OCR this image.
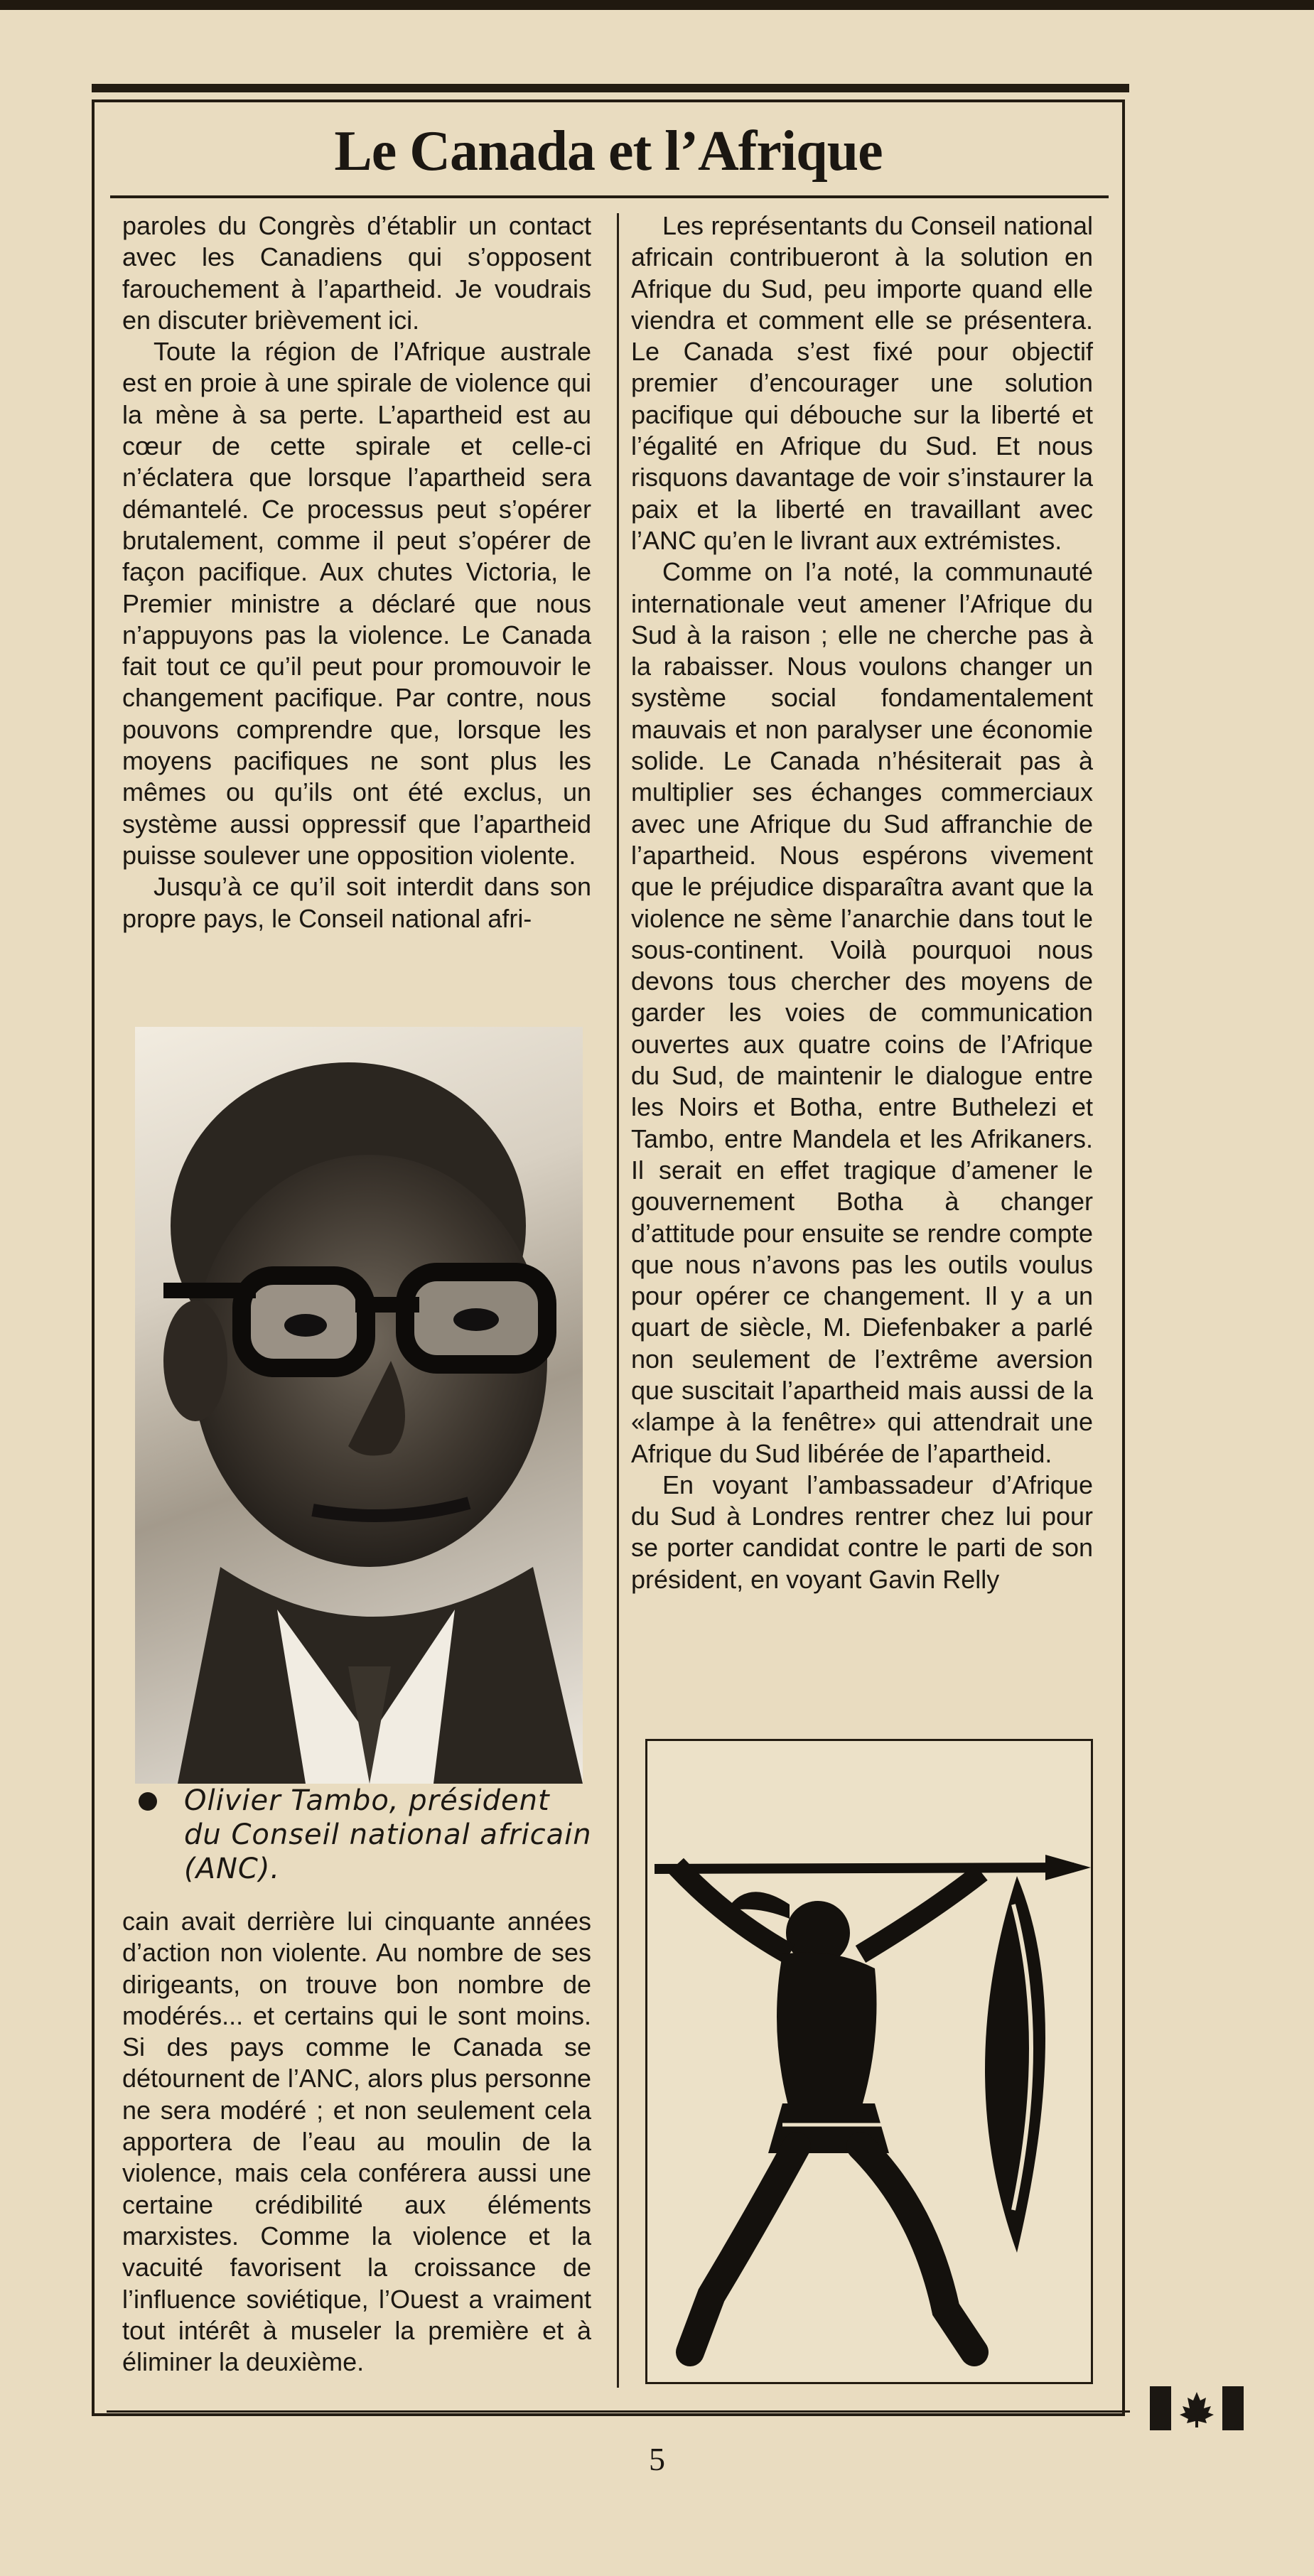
Le Canada et l’Afrique

paroles du Congrès d’établir un contact avec les Canadiens qui s’opposent farouchement à l’apartheid. Je voudrais en discuter brièvement ici.

Toute la région de l’Afrique australe est en proie à une spirale de violence qui la mène à sa perte. L’apartheid est au cœur de cette spirale et celle-ci n’éclatera que lorsque l’apartheid sera démantelé. Ce processus peut s’opérer brutalement, comme il peut s’opérer de façon pacifique. Aux chutes Victoria, le Premier ministre a déclaré que nous n’appuyons pas la violence. Le Canada fait tout ce qu’il peut pour promouvoir le changement pacifique. Par contre, nous pouvons comprendre que, lorsque les moyens pacifiques ne sont plus les mêmes ou qu’ils ont été exclus, un système aussi oppressif que l’apartheid puisse soulever une opposition violente.

Jusqu’à ce qu’il soit interdit dans son propre pays, le Conseil national afri-

Olivier Tambo, président du Conseil national africain (ANC).

cain avait derrière lui cinquante années d’action non violente. Au nombre de ses dirigeants, on trouve bon nombre de modérés... et certains qui le sont moins. Si des pays comme le Canada se détournent de l’ANC, alors plus personne ne sera modéré ; et non seulement cela apportera de l’eau au moulin de la violence, mais cela conférera aussi une certaine crédibilité aux éléments marxistes. Comme la violence et la vacuité favorisent la croissance de l’influence soviétique, l’Ouest a vraiment tout intérêt à museler la première et à éliminer la deuxième.

Les représentants du Conseil national africain contribueront à la solution en Afrique du Sud, peu importe quand elle viendra et comment elle se présentera. Le Canada s’est fixé pour objectif premier d’encourager une solution pacifique qui débouche sur la liberté et l’égalité en Afrique du Sud. Et nous risquons davantage de voir s’instaurer la paix et la liberté en travaillant avec l’ANC qu’en le livrant aux extrémistes.

Comme on l’a noté, la communauté internationale veut amener l’Afrique du Sud à la raison ; elle ne cherche pas à la rabaisser. Nous voulons changer un système social fondamentalement mauvais et non paralyser une économie solide. Le Canada n’hésiterait pas à multiplier ses échanges commerciaux avec une Afrique du Sud affranchie de l’apartheid. Nous espérons vivement que le préjudice disparaîtra avant que la violence ne sème l’anarchie dans tout le sous-continent. Voilà pourquoi nous devons tous chercher des moyens de garder les voies de communication ouvertes aux quatre coins de l’Afrique du Sud, de maintenir le dialogue entre les Noirs et Botha, entre Buthelezi et Tambo, entre Mandela et les Afrikaners. Il serait en effet tragique d’amener le gouvernement Botha à changer d’attitude pour ensuite se rendre compte que nous n’avons pas les outils voulus pour opérer ce changement. Il y a un quart de siècle, M. Diefenbaker a parlé non seulement de l’extrême aversion que suscitait l’apartheid mais aussi de la «lampe à la fenêtre» qui attendrait une Afrique du Sud libérée de l’apartheid.

En voyant l’ambassadeur d’Afrique du Sud à Londres rentrer chez lui pour se porter candidat contre le parti de son président, en voyant Gavin Relly

5
